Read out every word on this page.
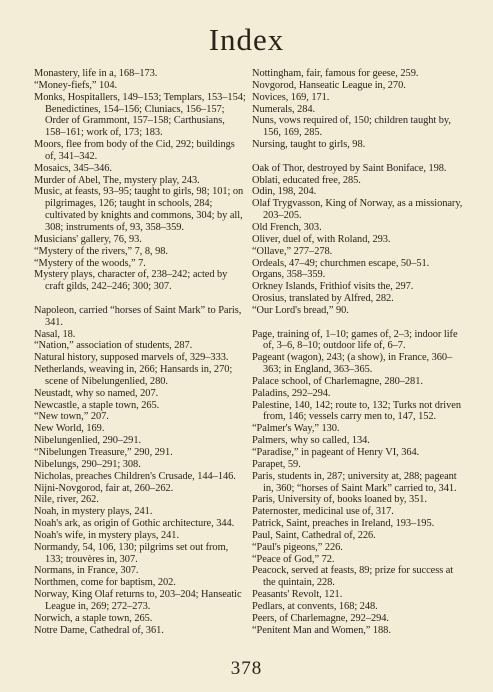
Index
Monastery, life in a, 168–173.
“Money-fiefs,” 104.
Monks, Hospitallers, 149–153; Templars, 153–154; Benedictines, 154–156; Cluniacs, 156–157; Order of Grammont, 157–158; Carthusians, 158–161; work of, 173; 183.
Moors, flee from body of the Cid, 292; buildings of, 341–342.
Mosaics, 345–346.
Murder of Abel, The, mystery play, 243.
Music, at feasts, 93–95; taught to girls, 98; 101; on pilgrimages, 126; taught in schools, 284; cultivated by knights and commons, 304; by all, 308; instruments of, 93, 358–359.
Musicians' gallery, 76, 93.
“Mystery of the rivers,” 7, 8, 98.
“Mystery of the woods,” 7.
Mystery plays, character of, 238–242; acted by craft gilds, 242–246; 300; 307.
Napoleon, carried “horses of Saint Mark” to Paris, 341.
Nasal, 18.
“Nation,” association of students, 287.
Natural history, supposed marvels of, 329–333.
Netherlands, weaving in, 266; Hansards in, 270; scene of Nibelungenlied, 280.
Neustadt, why so named, 207.
Newcastle, a staple town, 265.
“New town,” 207.
New World, 169.
Nibelungenlied, 290–291.
“Nibelungen Treasure,” 290, 291.
Nibelungs, 290–291; 308.
Nicholas, preaches Children's Crusade, 144–146.
Nijni-Novgorod, fair at, 260–262.
Nile, river, 262.
Noah, in mystery plays, 241.
Noah's ark, as origin of Gothic architecture, 344.
Noah's wife, in mystery plays, 241.
Normandy, 54, 106, 130; pilgrims set out from, 133; trouvères in, 307.
Normans, in France, 307.
Northmen, come for baptism, 202.
Norway, King Olaf returns to, 203–204; Hanseatic League in, 269; 272–273.
Norwich, a staple town, 265.
Notre Dame, Cathedral of, 361.
Nottingham, fair, famous for geese, 259.
Novgorod, Hanseatic League in, 270.
Novices, 169, 171.
Numerals, 284.
Nuns, vows required of, 150; children taught by, 156, 169, 285.
Nursing, taught to girls, 98.
Oak of Thor, destroyed by Saint Boniface, 198.
Oblati, educated free, 285.
Odin, 198, 204.
Olaf Trygvasson, King of Norway, as a missionary, 203–205.
Old French, 303.
Oliver, duel of, with Roland, 293.
“Ollave,” 277–278.
Ordeals, 47–49; churchmen escape, 50–51.
Organs, 358–359.
Orkney Islands, Frithiof visits the, 297.
Orosius, translated by Alfred, 282.
“Our Lord's bread,” 90.
Page, training of, 1–10; games of, 2–3; indoor life of, 3–6, 8–10; outdoor life of, 6–7.
Pageant (wagon), 243; (a show), in France, 360–363; in England, 363–365.
Palace school, of Charlemagne, 280–281.
Paladins, 292–294.
Palestine, 140, 142; route to, 132; Turks not driven from, 146; vessels carry men to, 147, 152.
“Palmer's Way,” 130.
Palmers, why so called, 134.
“Paradise,” in pageant of Henry VI, 364.
Parapet, 59.
Paris, students in, 287; university at, 288; pageant in, 360; “horses of Saint Mark” carried to, 341.
Paris, University of, books loaned by, 351.
Paternoster, medicinal use of, 317.
Patrick, Saint, preaches in Ireland, 193–195.
Paul, Saint, Cathedral of, 226.
“Paul's pigeons,” 226.
“Peace of God,” 72.
Peacock, served at feasts, 89; prize for success at the quintain, 228.
Peasants' Revolt, 121.
Pedlars, at convents, 168; 248.
Peers, of Charlemagne, 292–294.
“Penitent Man and Women,” 188.
378
